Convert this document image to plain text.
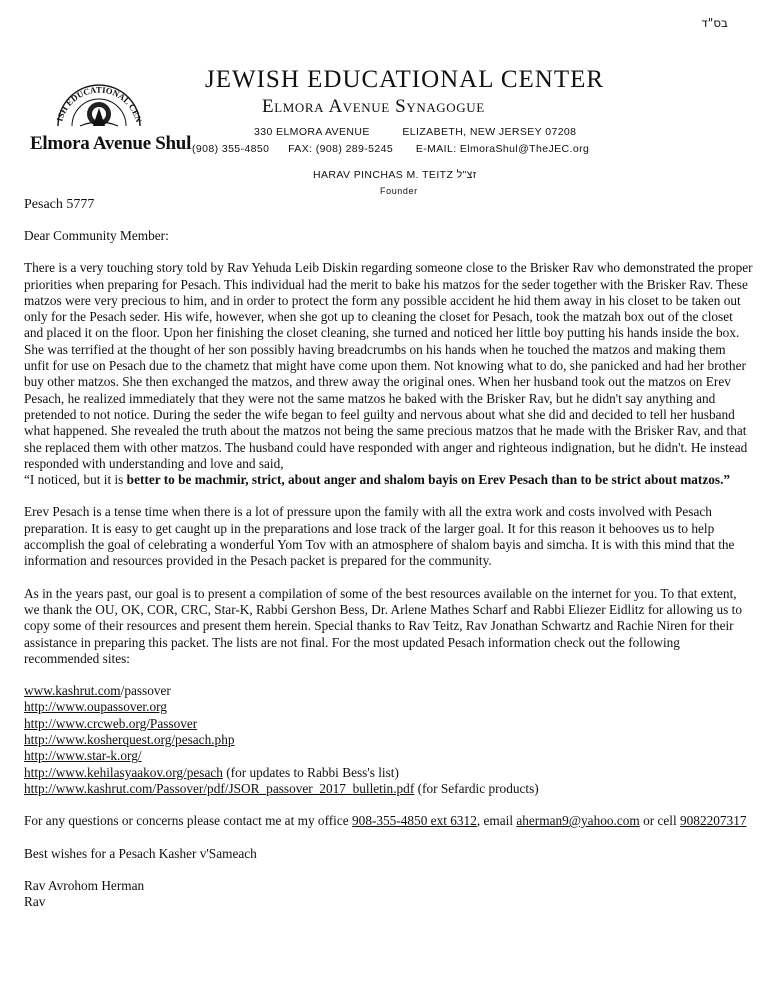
בס"ד
ISH EDUCATIONAL CEN
Elmora Avenue Shul
JEWISH EDUCATIONAL CENTER
Elmora Avenue Synagogue
330 ELMORA AVENUE	ELIZABETH, NEW JERSEY 07208
(908) 355-4850 FAX: (908) 289-5245 E-MAIL: ElmoraShul@TheJEC.org
HARAV PINCHAS M. TEITZ זצ"ל
Founder
Pesach 5777

Dear Community Member:

There is a very touching story told by Rav Yehuda Leib Diskin regarding someone close to the Brisker Rav who demonstrated the proper priorities when preparing for Pesach. This individual had the merit to bake his matzos for the seder together with the Brisker Rav. These matzos were very precious to him, and in order to protect the form any possible accident he hid them away in his closet to be taken out only for the Pesach seder. His wife, however, when she got up to cleaning the closet for Pesach, took the matzah box out of the closet and placed it on the floor. Upon her finishing the closet cleaning, she turned and noticed her little boy putting his hands inside the box. She was terrified at the thought of her son possibly having breadcrumbs on his hands when he touched the matzos and making them unfit for use on Pesach due to the chametz that might have come upon them. Not knowing what to do, she panicked and had her brother buy other matzos. She then exchanged the matzos, and threw away the original ones. When her husband took out the matzos on Erev Pesach, he realized immediately that they were not the same matzos he baked with the Brisker Rav, but he didn't say anything and pretended to not notice. During the seder the wife began to feel guilty and nervous about what she did and decided to tell her husband what happened. She revealed the truth about the matzos not being the same precious matzos that he made with the Brisker Rav, and that she replaced them with other matzos. The husband could have responded with anger and righteous indignation, but he didn't. He instead responded with understanding and love and said,
“I noticed, but it is better to be machmir, strict, about anger and shalom bayis on Erev Pesach than to be strict about matzos.”

Erev Pesach is a tense time when there is a lot of pressure upon the family with all the extra work and costs involved with Pesach preparation. It is easy to get caught up in the preparations and lose track of the larger goal. It for this reason it behooves us to help accomplish the goal of celebrating a wonderful Yom Tov with an atmosphere of shalom bayis and simcha. It is with this mind that the information and resources provided in the Pesach packet is prepared for the community.

As in the years past, our goal is to present a compilation of some of the best resources available on the internet for you. To that extent, we thank the OU, OK, COR, CRC, Star-K, Rabbi Gershon Bess, Dr. Arlene Mathes Scharf and Rabbi Eliezer Eidlitz for allowing us to copy some of their resources and present them herein. Special thanks to Rav Teitz, Rav Jonathan Schwartz and Rachie Niren for their assistance in preparing this packet. The lists are not final. For the most updated Pesach information check out the following recommended sites:

www.kashrut.com/passover
http://www.oupassover.org
http://www.crcweb.org/Passover
http://www.kosherquest.org/pesach.php
http://www.star-k.org/
http://www.kehilasyaakov.org/pesach (for updates to Rabbi Bess's list)
http://www.kashrut.com/Passover/pdf/JSOR_passover_2017_bulletin.pdf (for Sefardic products)

For any questions or concerns please contact me at my office 908-355-4850 ext 6312, email aherman9@yahoo.com or cell 9082207317

Best wishes for a Pesach Kasher v'Sameach

Rav Avrohom Herman
Rav
